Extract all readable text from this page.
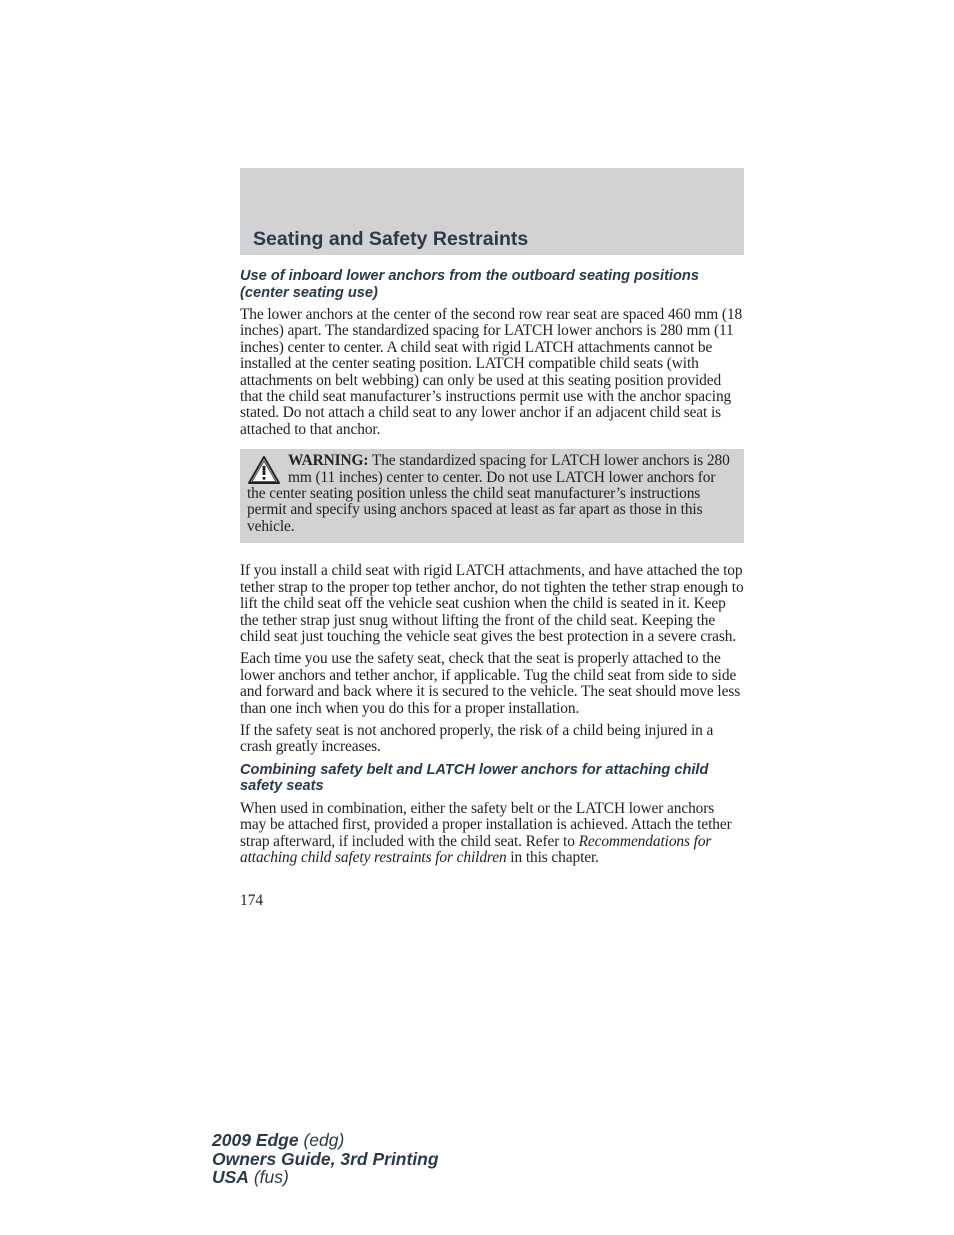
Seating and Safety Restraints
Use of inboard lower anchors from the outboard seating positions (center seating use)

The lower anchors at the center of the second row rear seat are spaced 460 mm (18 inches) apart. The standardized spacing for LATCH lower anchors is 280 mm (11 inches) center to center. A child seat with rigid LATCH attachments cannot be installed at the center seating position. LATCH compatible child seats (with attachments on belt webbing) can only be used at this seating position provided that the child seat manufacturer’s instructions permit use with the anchor spacing stated. Do not attach a child seat to any lower anchor if an adjacent child seat is attached to that anchor.

WARNING: The standardized spacing for LATCH lower anchors is 280 mm (11 inches) center to center. Do not use LATCH lower anchors for the center seating position unless the child seat manufacturer’s instructions permit and specify using anchors spaced at least as far apart as those in this vehicle.

If you install a child seat with rigid LATCH attachments, and have attached the top tether strap to the proper top tether anchor, do not tighten the tether strap enough to lift the child seat off the vehicle seat cushion when the child is seated in it. Keep the tether strap just snug without lifting the front of the child seat. Keeping the child seat just touching the vehicle seat gives the best protection in a severe crash.

Each time you use the safety seat, check that the seat is properly attached to the lower anchors and tether anchor, if applicable. Tug the child seat from side to side and forward and back where it is secured to the vehicle. The seat should move less than one inch when you do this for a proper installation.

If the safety seat is not anchored properly, the risk of a child being injured in a crash greatly increases.

Combining safety belt and LATCH lower anchors for attaching child safety seats

When used in combination, either the safety belt or the LATCH lower anchors may be attached first, provided a proper installation is achieved. Attach the tether strap afterward, if included with the child seat. Refer to Recommendations for attaching child safety restraints for children in this chapter.

174

2009 Edge (edg)
Owners Guide, 3rd Printing
USA (fus)
